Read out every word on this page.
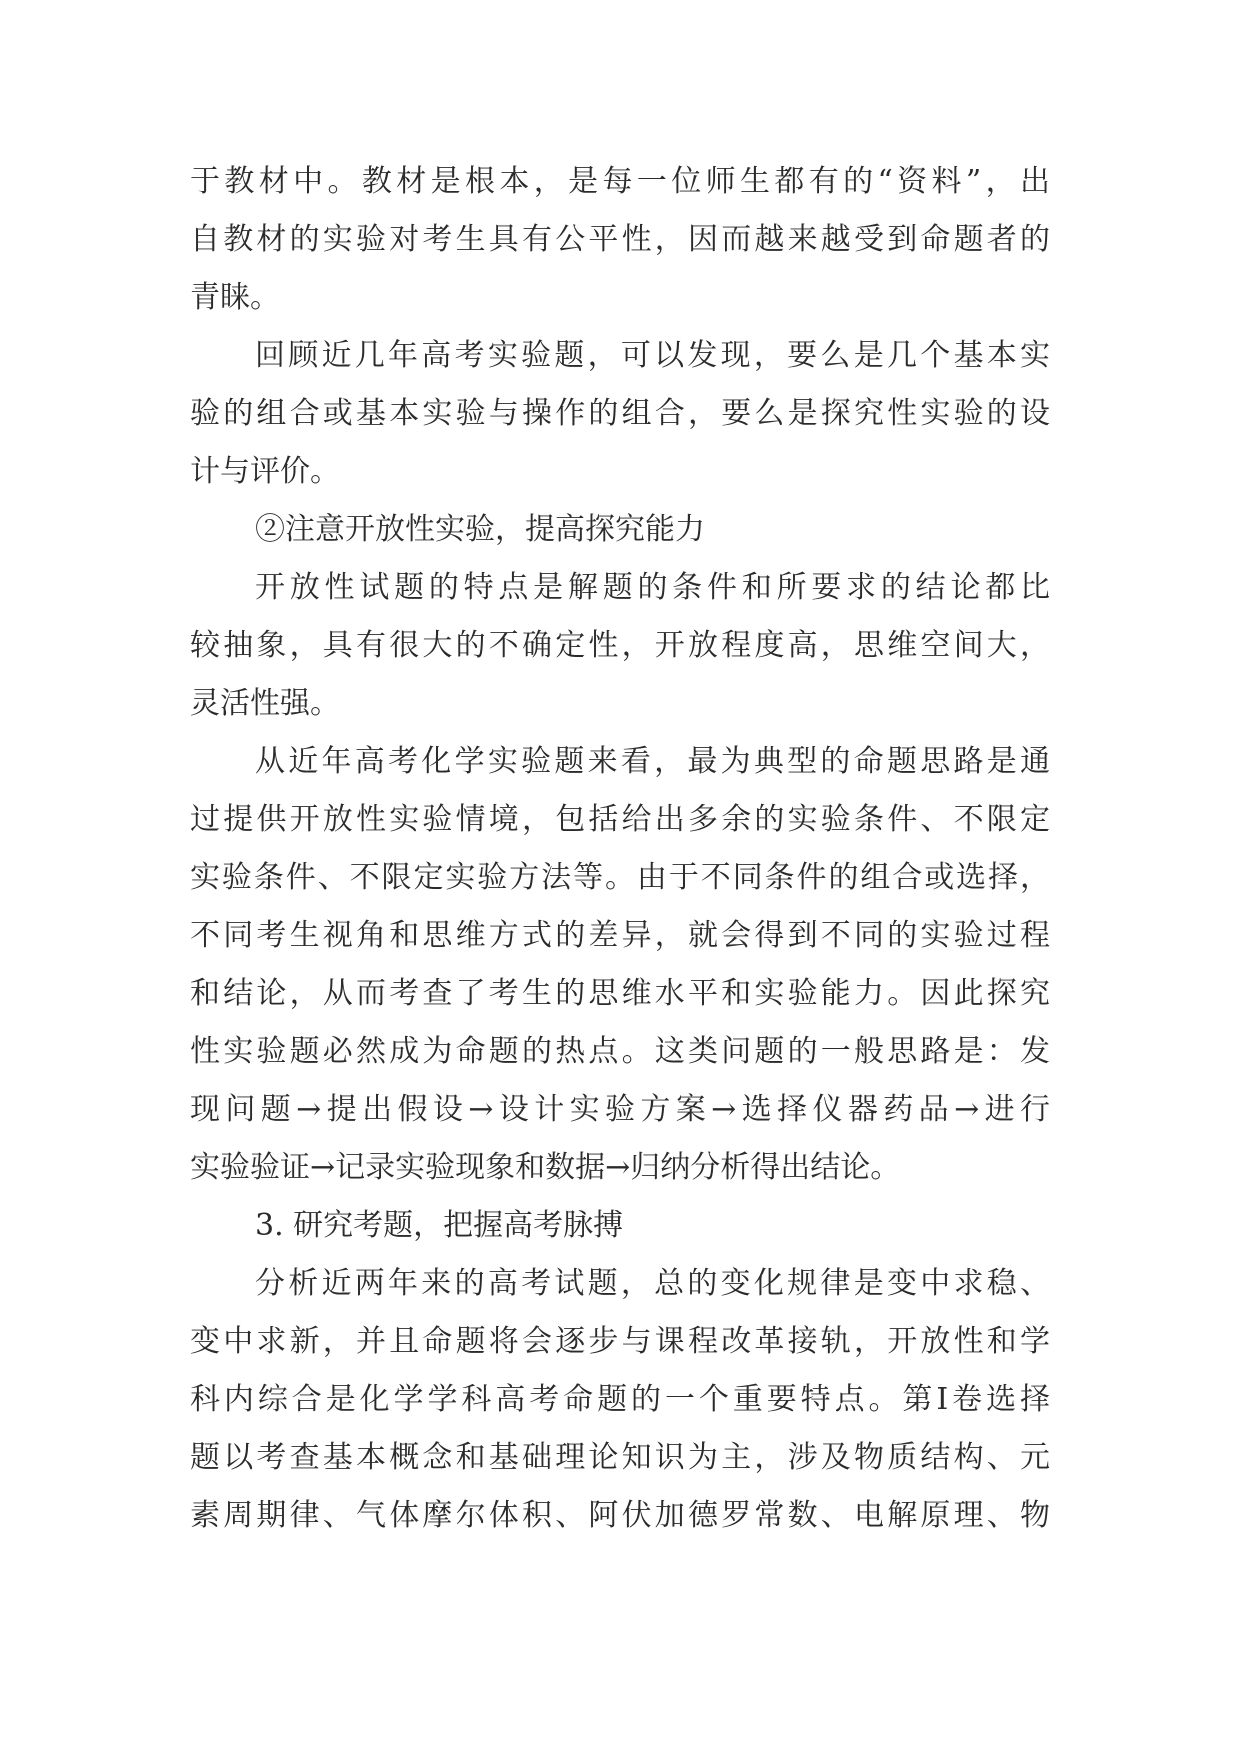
于教材中。教材是根本，是每一位师生都有的“资料”，出

自教材的实验对考生具有公平性，因而越来越受到命题者的

青睐。

回顾近几年高考实验题，可以发现，要么是几个基本实

验的组合或基本实验与操作的组合，要么是探究性实验的设

计与评价。

②注意开放性实验，提高探究能力

开放性试题的特点是解题的条件和所要求的结论都比

较抽象，具有很大的不确定性，开放程度高，思维空间大，

灵活性强。

从近年高考化学实验题来看，最为典型的命题思路是通

过提供开放性实验情境，包括给出多余的实验条件、不限定

实验条件、不限定实验方法等。由于不同条件的组合或选择，

不同考生视角和思维方式的差异，就会得到不同的实验过程

和结论，从而考查了考生的思维水平和实验能力。因此探究

性实验题必然成为命题的热点。这类问题的一般思路是：发

现问题→提出假设→设计实验方案→选择仪器药品→进行

实验验证→记录实验现象和数据→归纳分析得出结论。

3. 研究考题，把握高考脉搏

分析近两年来的高考试题，总的变化规律是变中求稳、

变中求新，并且命题将会逐步与课程改革接轨，开放性和学

科内综合是化学学科高考命题的一个重要特点。第Ⅰ卷选择

题以考查基本概念和基础理论知识为主，涉及物质结构、元

素周期律、气体摩尔体积、阿伏加德罗常数、电解原理、物
